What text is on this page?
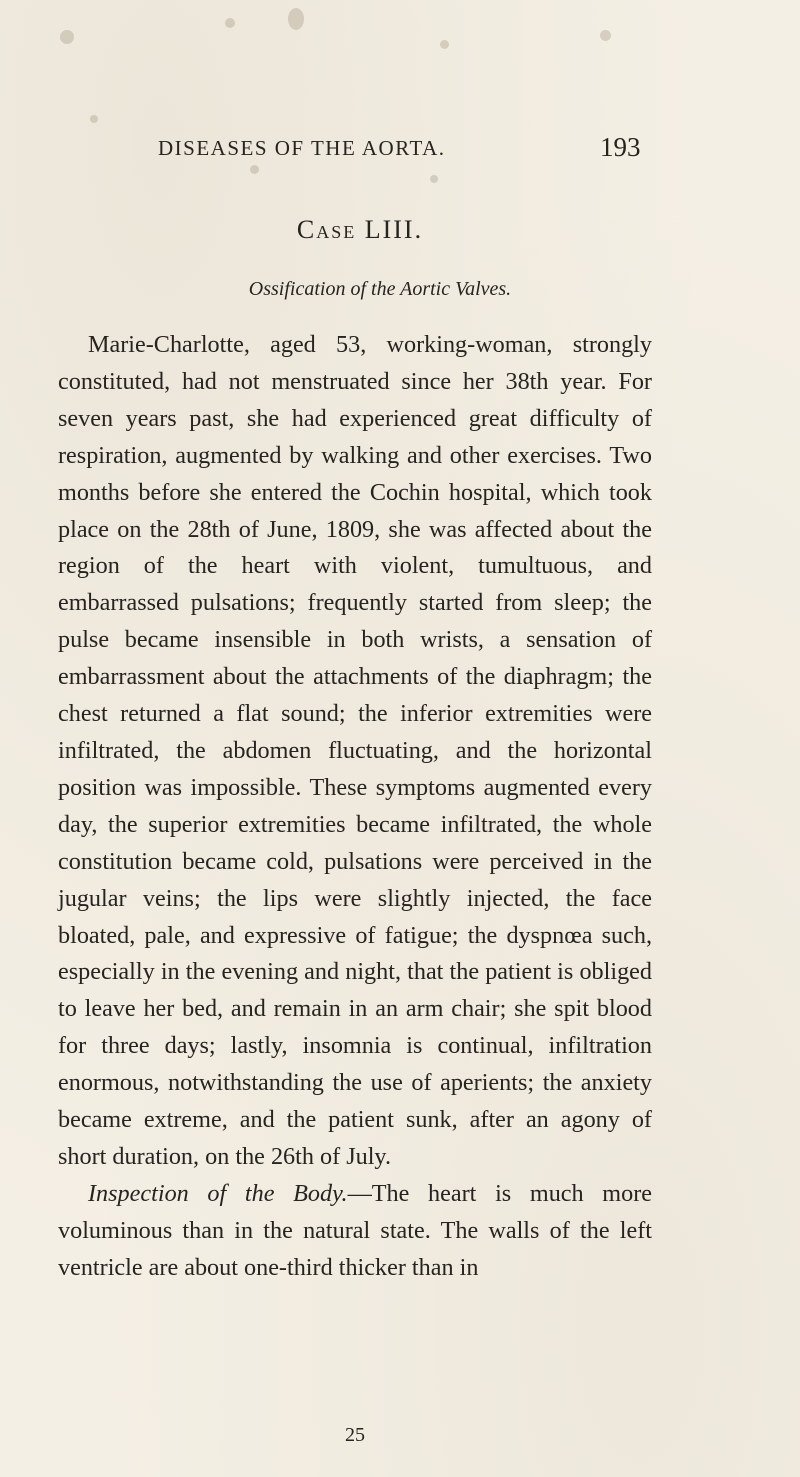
DISEASES OF THE AORTA.	193
Case LIII.
Ossification of the Aortic Valves.

Marie-Charlotte, aged 53, working-woman, strongly constituted, had not menstruated since her 38th year. For seven years past, she had experienced great difficulty of respiration, augmented by walking and other exercises. Two months before she entered the Cochin hospital, which took place on the 28th of June, 1809, she was affected about the region of the heart with violent, tumultuous, and embarrassed pulsations; frequently started from sleep; the pulse became insensible in both wrists, a sensation of embarrassment about the attachments of the diaphragm; the chest returned a flat sound; the inferior extremities were infiltrated, the abdomen fluctuating, and the horizontal position was impossible. These symptoms augmented every day, the superior extremities became infiltrated, the whole constitution became cold, pulsations were perceived in the jugular veins; the lips were slightly injected, the face bloated, pale, and expressive of fatigue; the dyspnœa such, especially in the evening and night, that the patient is obliged to leave her bed, and remain in an arm chair; she spit blood for three days; lastly, insomnia is continual, infiltration enormous, notwithstanding the use of aperients; the anxiety became extreme, and the patient sunk, after an agony of short duration, on the 26th of July.

Inspection of the Body.—The heart is much more voluminous than in the natural state. The walls of the left ventricle are about one-third thicker than in

25
